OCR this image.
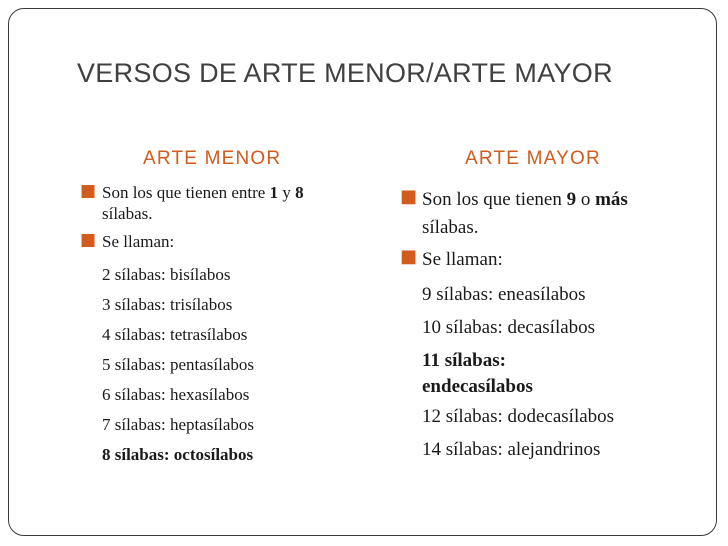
VERSOS DE ARTE MENOR/ARTE MAYOR
ARTE MENOR	ARTE MAYOR
■ Son los que tienen entre 1 y 8
sílabas.
■ Se llaman:
2 sílabas: bisílabos
3 sílabas: trisílabos
4 sílabas: tetrasílabos
5 sílabas: pentasílabos
6 sílabas: hexasílabos
7 sílabas: heptasílabos
8 sílabas: octosílabos
■ Son los que tienen 9 o más
sílabas.
■ Se llaman:
9 sílabas: eneasílabos
10 sílabas: decasílabos
11 sílabas:
endecasílabos
12 sílabas: dodecasílabos
14 sílabas: alejandrinos
